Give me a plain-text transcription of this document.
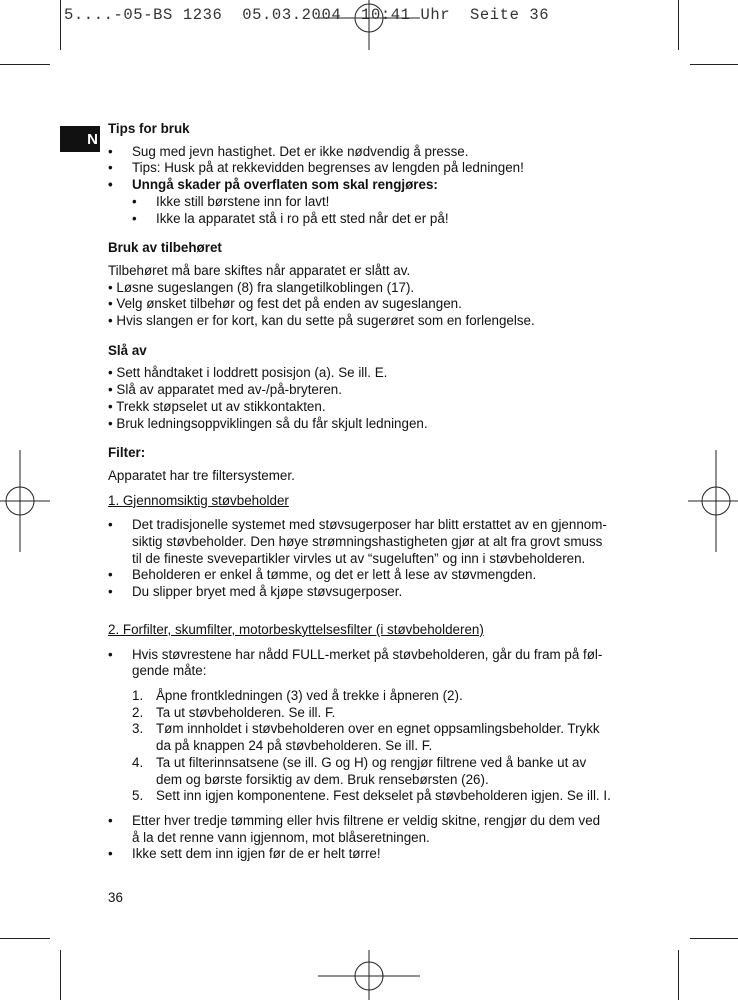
5....-05-BS 1236  05.03.2004  10:41 Uhr  Seite 36
N

Tips for bruk

• Sug med jevn hastighet. Det er ikke nødvendig å presse.
• Tips: Husk på at rekkevidden begrenses av lengden på ledningen!
• Unngå skader på overflaten som skal rengjøres:
• Ikke still børstene inn for lavt!
• Ikke la apparatet stå i ro på ett sted når det er på!

Bruk av tilbehøret

Tilbehøret må bare skiftes når apparatet er slått av.

• Løsne sugeslangen (8) fra slangetilkoblingen (17).
• Velg ønsket tilbehør og fest det på enden av sugeslangen.
• Hvis slangen er for kort, kan du sette på sugerøret som en forlengelse.

Slå av

• Sett håndtaket i loddrett posisjon (a). Se ill. E.
• Slå av apparatet med av-/på-bryteren.
• Trekk støpselet ut av stikkontakten.
• Bruk ledningsoppviklingen så du får skjult ledningen.

Filter:

Apparatet har tre filtersystemer.

1. Gjennomsiktig støvbeholder

• Det tradisjonelle systemet med støvsugerposer har blitt erstattet av en gjennom-
siktig støvbeholder. Den høye strømningshastigheten gjør at alt fra grovt smuss
til de fineste svevepartikler virvles ut av “sugeluften” og inn i støvbeholderen.
• Beholderen er enkel å tømme, og det er lett å lese av støvmengden.
• Du slipper bryet med å kjøpe støvsugerposer.

2. Forfilter, skumfilter, motorbeskyttelsesfilter (i støvbeholderen)

• Hvis støvrestene har nådd FULL-merket på støvbeholderen, går du fram på føl-
gende måte:
1. Åpne frontkledningen (3) ved å trekke i åpneren (2).
2. Ta ut støvbeholderen. Se ill. F.
3. Tøm innholdet i støvbeholderen over en egnet oppsamlingsbeholder. Trykk
da på knappen 24 på støvbeholderen. Se ill. F.
4. Ta ut filterinnsatsene (se ill. G og H) og rengjør filtrene ved å banke ut av
dem og børste forsiktig av dem. Bruk rensebørsten (26).
5. Sett inn igjen komponentene. Fest dekselet på støvbeholderen igjen. Se ill. I.
• Etter hver tredje tømming eller hvis filtrene er veldig skitne, rengjør du dem ved
å la det renne vann igjennom, mot blåseretningen.
• Ikke sett dem inn igjen før de er helt tørre!
36
